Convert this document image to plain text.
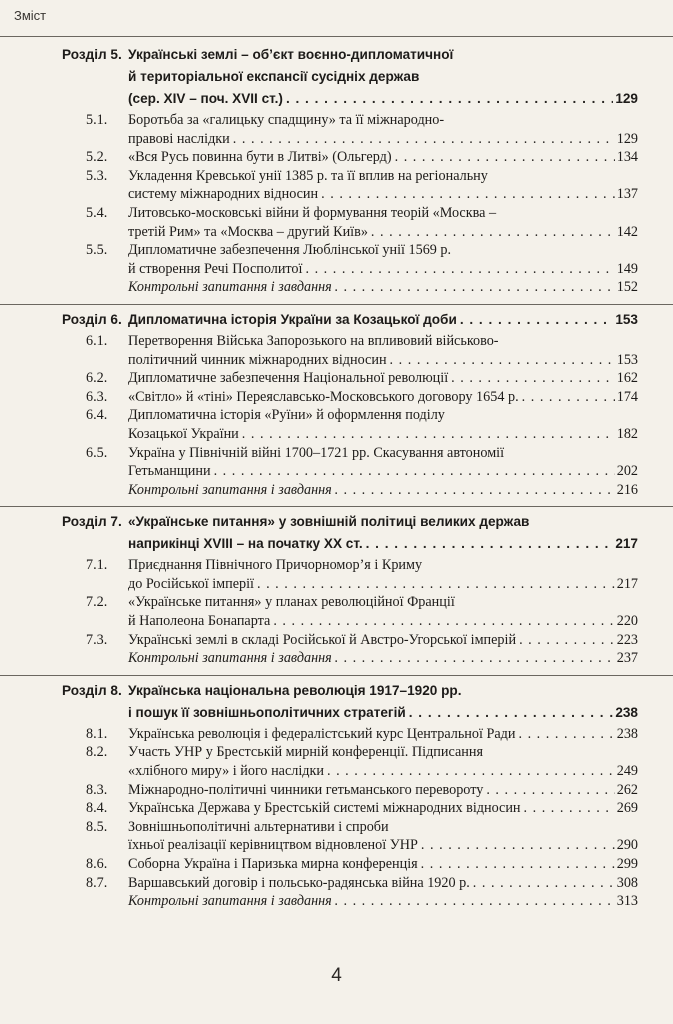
Зміст
Розділ 5. Українські землі – об’єкт воєнно-дипломатичної
й територіальної експансії сусідніх держав
(сер. XIV – поч. XVII ст.) . . .	129
5.1. Боротьба за «галицьку спадщину» та її міжнародно-
правові наслідки . . .	129
5.2. «Вся Русь повинна бути в Литві» (Ольгерд) . . .	134
5.3. Укладення Кревської унії 1385 р. та її вплив на регіональну
систему міжнародних відносин . . .	137
5.4. Литовсько-московські війни й формування теорій «Москва –
третій Рим» та «Москва – другий Київ» . . .	142
5.5. Дипломатичне забезпечення Люблінської унії 1569 р.
й створення Речі Посполитої . . .	149
Контрольні запитання і завдання . . .	152
Розділ 6. Дипломатична історія України за Козацької доби . . .	153
6.1. Перетворення Війська Запорозького на впливовий військово-
політичний чинник міжнародних відносин . . .	153
6.2. Дипломатичне забезпечення Національної революції . . .	162
6.3. «Світло» й «тіні» Переяславсько-Московського договору 1654 р. . . .	174
6.4. Дипломатична історія «Руїни» й оформлення поділу
Козацької України . . .	182
6.5. Україна у Північній війні 1700–1721 рр. Скасування автономії
Гетьманщини . . .	202
Контрольні запитання і завдання . . .	216
Розділ 7. «Українське питання» у зовнішній політиці великих держав
наприкінці XVIII – на початку XX ст. . . .	217
7.1. Приєднання Північного Причорномор’я і Криму
до Російської імперії . . .	217
7.2. «Українське питання» у планах революційної Франції
й Наполеона Бонапарта . . .	220
7.3. Українські землі в складі Російської й Австро-Угорської імперій . . .	223
Контрольні запитання і завдання . . .	237
Розділ 8. Українська національна революція 1917–1920 рр.
і пошук її зовнішньополітичних стратегій . . .	238
8.1. Українська революція і федералістський курс Центральної Ради . . .	238
8.2. Участь УНР у Брестській мирній конференції. Підписання
«хлібного миру» і його наслідки . . .	249
8.3. Міжнародно-політичні чинники гетьманського перевороту . . .	262
8.4. Українська Держава у Брестській системі міжнародних відносин . . .	269
8.5. Зовнішньополітичні альтернативи і спроби
їхньої реалізації керівництвом відновленої УНР . . .	290
8.6. Соборна Україна і Паризька мирна конференція . . .	299
8.7. Варшавський договір і польсько-радянська війна 1920 р. . . .	308
Контрольні запитання і завдання . . .	313
4
